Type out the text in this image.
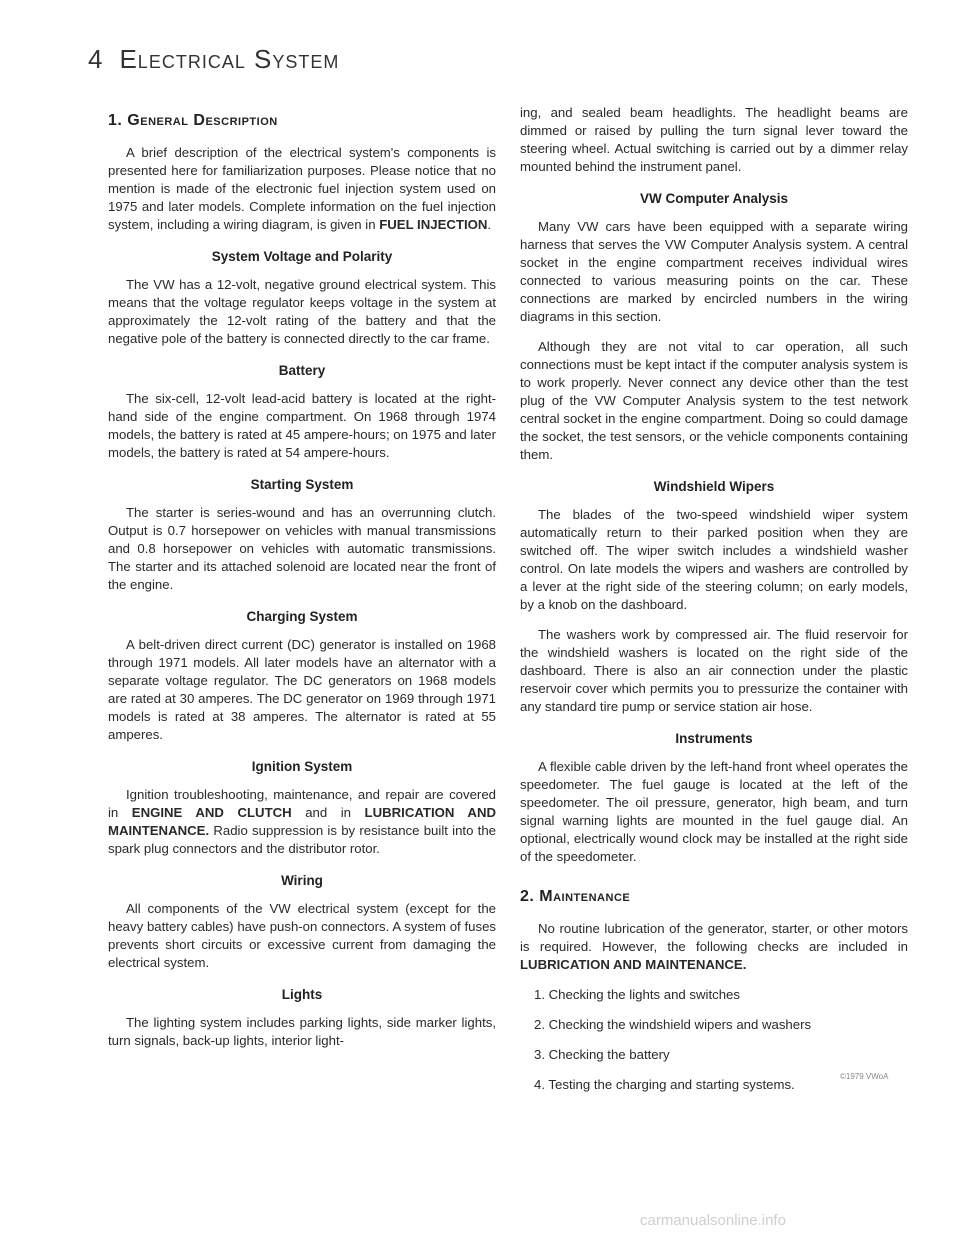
4 Electrical System
1. General Description

A brief description of the electrical system's components is presented here for familiarization purposes. Please notice that no mention is made of the electronic fuel injection system used on 1975 and later models. Complete information on the fuel injection system, including a wiring diagram, is given in FUEL INJECTION.

System Voltage and Polarity

The VW has a 12-volt, negative ground electrical system. This means that the voltage regulator keeps voltage in the system at approximately the 12-volt rating of the battery and that the negative pole of the battery is connected directly to the car frame.

Battery

The six-cell, 12-volt lead-acid battery is located at the right-hand side of the engine compartment. On 1968 through 1974 models, the battery is rated at 45 ampere-hours; on 1975 and later models, the battery is rated at 54 ampere-hours.

Starting System

The starter is series-wound and has an overrunning clutch. Output is 0.7 horsepower on vehicles with manual transmissions and 0.8 horsepower on vehicles with automatic transmissions. The starter and its attached solenoid are located near the front of the engine.

Charging System

A belt-driven direct current (DC) generator is installed on 1968 through 1971 models. All later models have an alternator with a separate voltage regulator. The DC generators on 1968 models are rated at 30 amperes. The DC generator on 1969 through 1971 models is rated at 38 amperes. The alternator is rated at 55 amperes.

Ignition System

Ignition troubleshooting, maintenance, and repair are covered in ENGINE AND CLUTCH and in LUBRICATION AND MAINTENANCE. Radio suppression is by resistance built into the spark plug connectors and the distributor rotor.

Wiring

All components of the VW electrical system (except for the heavy battery cables) have push-on connectors. A system of fuses prevents short circuits or excessive current from damaging the electrical system.

Lights

The lighting system includes parking lights, side marker lights, turn signals, back-up lights, interior light-

ing, and sealed beam headlights. The headlight beams are dimmed or raised by pulling the turn signal lever toward the steering wheel. Actual switching is carried out by a dimmer relay mounted behind the instrument panel.

VW Computer Analysis

Many VW cars have been equipped with a separate wiring harness that serves the VW Computer Analysis system. A central socket in the engine compartment receives individual wires connected to various measuring points on the car. These connections are marked by encircled numbers in the wiring diagrams in this section.

Although they are not vital to car operation, all such connections must be kept intact if the computer analysis system is to work properly. Never connect any device other than the test plug of the VW Computer Analysis system to the test network central socket in the engine compartment. Doing so could damage the socket, the test sensors, or the vehicle components containing them.

Windshield Wipers

The blades of the two-speed windshield wiper system automatically return to their parked position when they are switched off. The wiper switch includes a windshield washer control. On late models the wipers and washers are controlled by a lever at the right side of the steering column; on early models, by a knob on the dashboard.

The washers work by compressed air. The fluid reservoir for the windshield washers is located on the right side of the dashboard. There is also an air connection under the plastic reservoir cover which permits you to pressurize the container with any standard tire pump or service station air hose.

Instruments

A flexible cable driven by the left-hand front wheel operates the speedometer. The fuel gauge is located at the left of the speedometer. The oil pressure, generator, high beam, and turn signal warning lights are mounted in the fuel gauge dial. An optional, electrically wound clock may be installed at the right side of the speedometer.

2. Maintenance

No routine lubrication of the generator, starter, or other motors is required. However, the following checks are included in LUBRICATION AND MAINTENANCE.

1. Checking the lights and switches
2. Checking the windshield wipers and washers
3. Checking the battery
4. Testing the charging and starting systems.
©1979 VWoA
carmanualsonline.info
